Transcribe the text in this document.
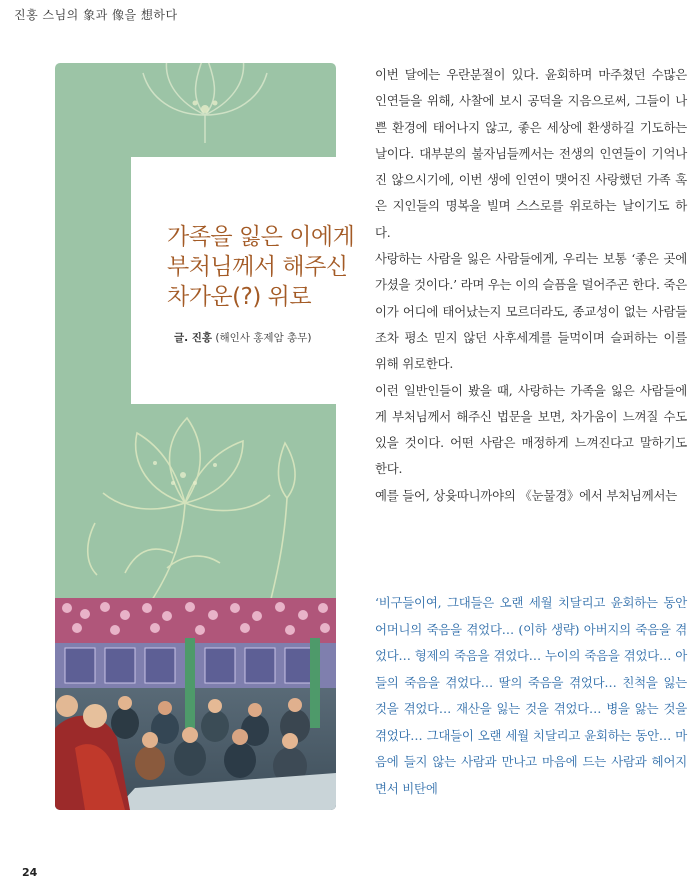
진홍 스님의 象과 像을 想하다
가족을 잃은 이에게
부처님께서 해주신
차가운(?) 위로
글. 진홍 (해인사 홍제암 총무)

이번 달에는 우란분절이 있다. 윤회하며 마주쳤던 수많은 인연들을 위해, 사찰에 보시 공덕을 지음으로써, 그들이 나쁜 환경에 태어나지 않고, 좋은 세상에 환생하길 기도하는 날이다. 대부분의 불자님들께서는 전생의 인연들이 기억나진 않으시기에, 이번 생에 인연이 맺어진 사랑했던 가족 혹은 지인들의 명복을 빌며 스스로를 위로하는 날이기도 하다.

사랑하는 사람을 잃은 사람들에게, 우리는 보통 ‘좋은 곳에 가셨을 것이다.’ 라며 우는 이의 슬픔을 덜어주곤 한다. 죽은 이가 어디에 태어났는지 모르더라도, 종교성이 없는 사람들조차 평소 믿지 않던 사후세계를 들먹이며 슬퍼하는 이를 위해 위로한다.

이런 일반인들이 봤을 때, 사랑하는 가족을 잃은 사람들에게 부처님께서 해주신 법문을 보면, 차가움이 느껴질 수도 있을 것이다. 어떤 사람은 매정하게 느껴진다고 말하기도 한다.

예를 들어, 상윳따니까야의 《눈물경》에서 부처님께서는

‘비구들이여, 그대들은 오랜 세월 치달리고 윤회하는 동안 어머니의 죽음을 겪었다… (이하 생략) 아버지의 죽음을 겪었다… 형제의 죽음을 겪었다… 누이의 죽음을 겪었다… 아들의 죽음을 겪었다… 딸의 죽음을 겪었다… 친척을 잃는 것을 겪었다… 재산을 잃는 것을 겪었다… 병을 앓는 것을 겪었다… 그대들이 오랜 세월 치달리고 윤회하는 동안… 마음에 들지 않는 사람과 만나고 마음에 드는 사람과 헤어지면서 비탄에
24
